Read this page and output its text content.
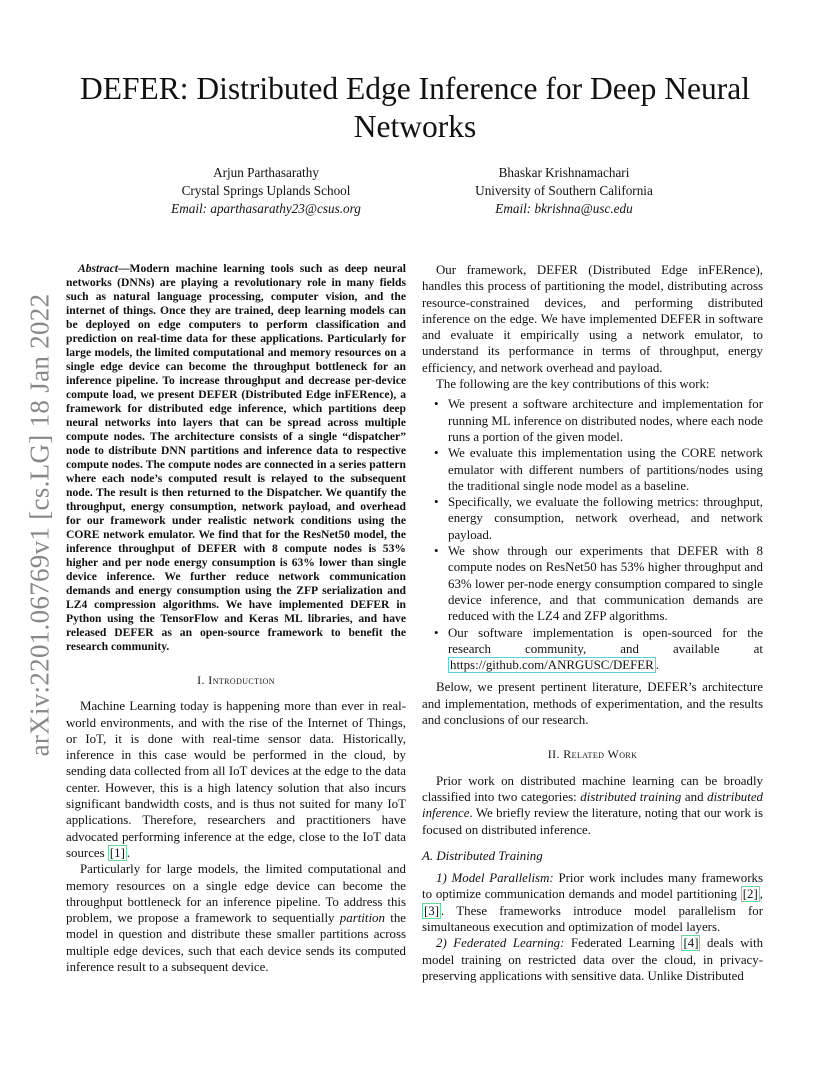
arXiv:2201.06769v1 [cs.LG] 18 Jan 2022
DEFER: Distributed Edge Inference for Deep Neural Networks
Arjun Parthasarathy
Crystal Springs Uplands School
Email: aparthasarathy23@csus.org
Bhaskar Krishnamachari
University of Southern California
Email: bkrishna@usc.edu

Abstract—Modern machine learning tools such as deep neural networks (DNNs) are playing a revolutionary role in many fields such as natural language processing, computer vision, and the internet of things. Once they are trained, deep learning models can be deployed on edge computers to perform classification and prediction on real-time data for these applications. Particularly for large models, the limited computational and memory resources on a single edge device can become the throughput bottleneck for an inference pipeline. To increase throughput and decrease per-device compute load, we present DEFER (Distributed Edge inFERence), a framework for distributed edge inference, which partitions deep neural networks into layers that can be spread across multiple compute nodes. The architecture consists of a single “dispatcher” node to distribute DNN partitions and inference data to respective compute nodes. The compute nodes are connected in a series pattern where each node’s computed result is relayed to the subsequent node. The result is then returned to the Dispatcher. We quantify the throughput, energy consumption, network payload, and overhead for our framework under realistic network conditions using the CORE network emulator. We find that for the ResNet50 model, the inference throughput of DEFER with 8 compute nodes is 53% higher and per node energy consumption is 63% lower than single device inference. We further reduce network communication demands and energy consumption using the ZFP serialization and LZ4 compression algorithms. We have implemented DEFER in Python using the TensorFlow and Keras ML libraries, and have released DEFER as an open-source framework to benefit the research community.

I. Introduction

Machine Learning today is happening more than ever in real-world environments, and with the rise of the Internet of Things, or IoT, it is done with real-time sensor data. Historically, inference in this case would be performed in the cloud, by sending data collected from all IoT devices at the edge to the data center. However, this is a high latency solution that also incurs significant bandwidth costs, and is thus not suited for many IoT applications. Therefore, researchers and practitioners have advocated performing inference at the edge, close to the IoT data sources [1] .

Particularly for large models, the limited computational and memory resources on a single edge device can become the throughput bottleneck for an inference pipeline. To address this problem, we propose a framework to sequentially partition the model in question and distribute these smaller partitions across multiple edge devices, such that each device sends its computed inference result to a subsequent device.

Our framework, DEFER (Distributed Edge inFERence), handles this process of partitioning the model, distributing across resource-constrained devices, and performing distributed inference on the edge. We have implemented DEFER in software and evaluate it empirically using a network emulator, to understand its performance in terms of throughput, energy efficiency, and network overhead and payload.

The following are the key contributions of this work:

• We present a software architecture and implementation for running ML inference on distributed nodes, where each node runs a portion of the given model.
• We evaluate this implementation using the CORE network emulator with different numbers of partitions/nodes using the traditional single node model as a baseline.
• Specifically, we evaluate the following metrics: throughput, energy consumption, network overhead, and network payload.
• We show through our experiments that DEFER with 8 compute nodes on ResNet50 has 53% higher throughput and 63% lower per-node energy consumption compared to single device inference, and that communication demands are reduced with the LZ4 and ZFP algorithms.
• Our software implementation is open-sourced for the research community, and available at https://github.com/ANRGUSC/DEFER .

Below, we present pertinent literature, DEFER’s architecture and implementation, methods of experimentation, and the results and conclusions of our research.

II. Related Work

Prior work on distributed machine learning can be broadly classified into two categories: distributed training and distributed inference. We briefly review the literature, noting that our work is focused on distributed inference.

A. Distributed Training

1) Model Parallelism: Prior work includes many frameworks to optimize communication demands and model partitioning [2] , [3] . These frameworks introduce model parallelism for simultaneous execution and optimization of model layers.

2) Federated Learning: Federated Learning [4] deals with model training on restricted data over the cloud, in privacy-preserving applications with sensitive data. Unlike Distributed
